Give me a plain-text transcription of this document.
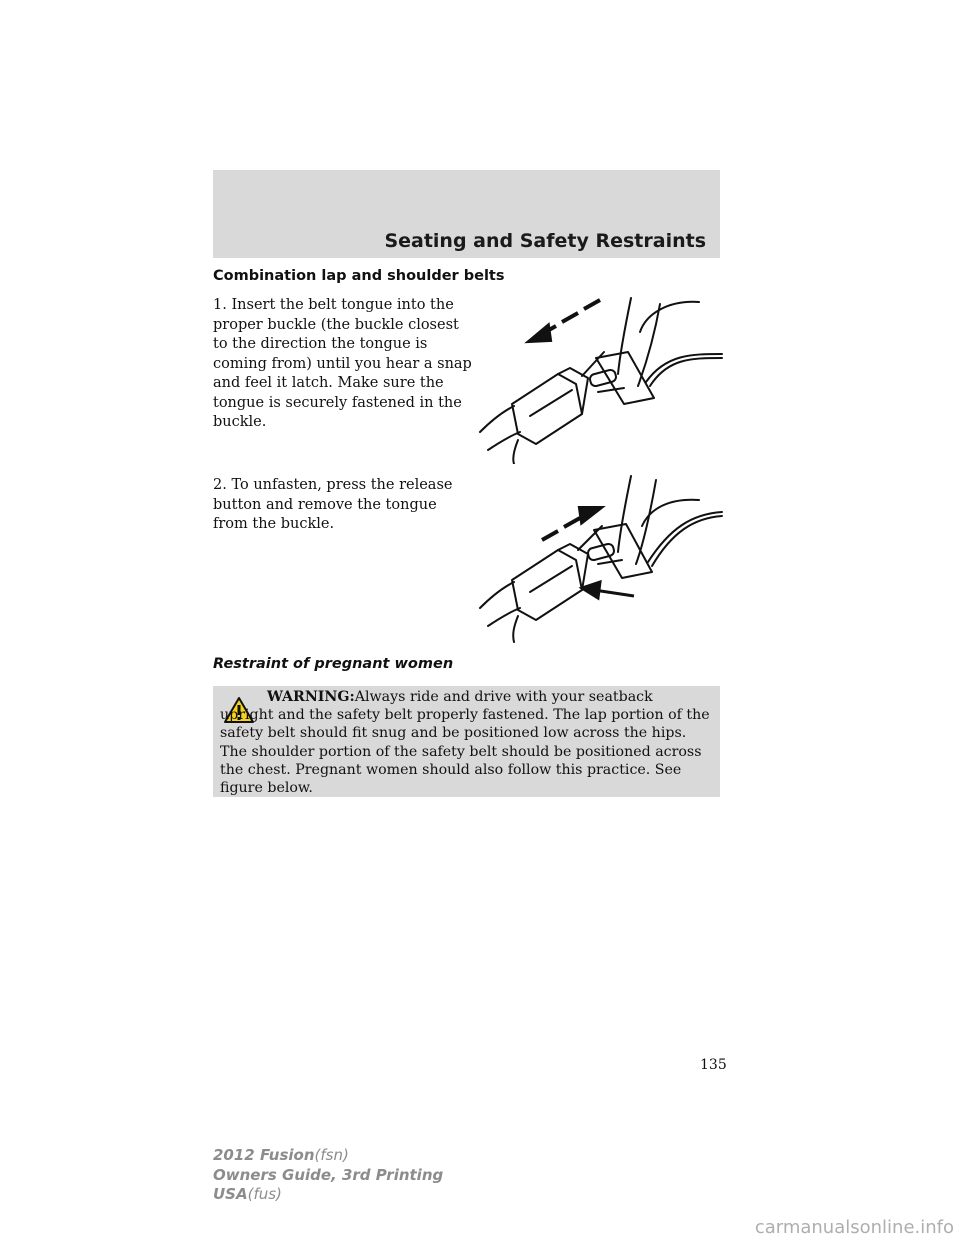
Seating and Safety Restraints
Combination lap and shoulder belts
1. Insert the belt tongue into the proper buckle (the buckle closest to the direction the tongue is coming from) until you hear a snap and feel it latch. Make sure the tongue is securely fastened in the buckle.
2. To unfasten, press the release button and remove the tongue from the buckle.
Restraint of pregnant women
WARNING:Always ride and drive with your seatback upright and the safety belt properly fastened. The lap portion of the safety belt should fit snug and be positioned low across the hips. The shoulder portion of the safety belt should be positioned across the chest. Pregnant women should also follow this practice. See figure below.
135
2012 Fusion(fsn)
Owners Guide, 3rd Printing
USA(fus)
carmanualsonline.info
